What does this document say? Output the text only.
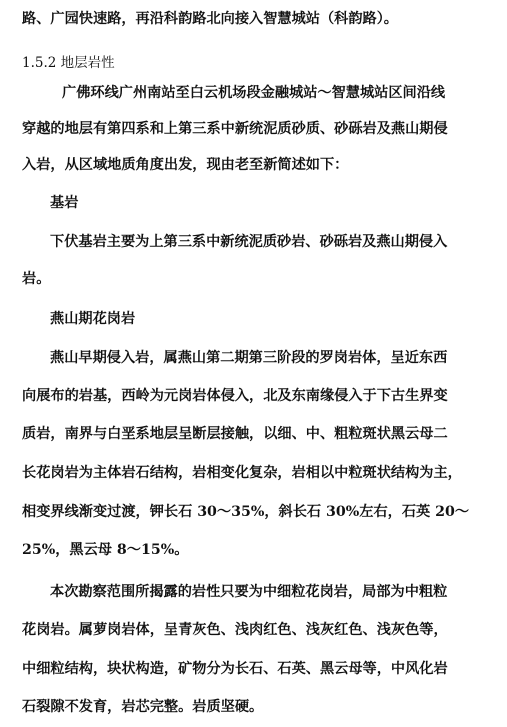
路、广园快速路，再沿科韵路北向接入智慧城站（科韵路）。
1.5.2 地层岩性
广佛环线广州南站至白云机场段金融城站～智慧城站区间沿线
穿越的地层有第四系和上第三系中新统泥质砂质、砂砾岩及燕山期侵
入岩，从区域地质角度出发，现由老至新简述如下：
基岩
下伏基岩主要为上第三系中新统泥质砂岩、砂砾岩及燕山期侵入
岩。
燕山期花岗岩
燕山早期侵入岩，属燕山第二期第三阶段的罗岗岩体，呈近东西
向展布的岩基，西岭为元岗岩体侵入，北及东南缘侵入于下古生界变
质岩，南界与白垩系地层呈断层接触，以细、中、粗粒斑状黑云母二
长花岗岩为主体岩石结构，岩相变化复杂，岩相以中粒斑状结构为主，
相变界线渐变过渡，钾长石 30～35%，斜长石 30%左右，石英 20～
25%，黑云母 8～15%。
本次勘察范围所揭露的岩性只要为中细粒花岗岩，局部为中粗粒
花岗岩。属萝岗岩体，呈青灰色、浅肉红色、浅灰红色、浅灰色等，
中细粒结构，块状构造，矿物分为长石、石英、黑云母等，中风化岩
石裂隙不发育，岩芯完整。岩质坚硬。
